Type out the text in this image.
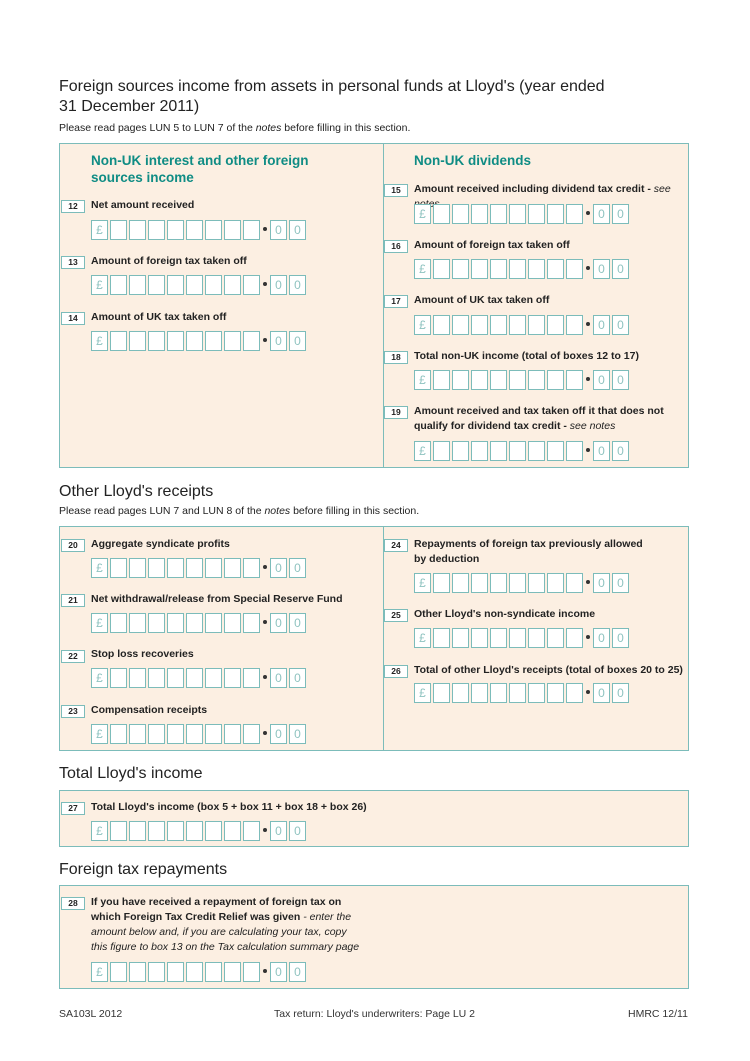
Foreign sources income from assets in personal funds at Lloyd's (year ended
31 December 2011)
Please read pages LUN 5 to LUN 7 of the notes before filling in this section.
Non-UK interest and other foreign
sources income
Non-UK dividends
12	Net amount received
£	0	0
13	Amount of foreign tax taken off
£	0	0
14	Amount of UK tax taken off
£	0	0
15	Amount received including dividend tax credit - see
£	0	0
16	Amount of foreign tax taken off
£	0	0
17	Amount of UK tax taken off
£	0	0
18	Total non-UK income (total of boxes 12 to 17)
£	0	0
19	Amount received and tax taken off it that does not
qualify for dividend tax credit - see notes
£	0	0
Other Lloyd's receipts
Please read pages LUN 7 and LUN 8 of the notes before filling in this section.
20	Aggregate syndicate profits
£	0	0
21	Net withdrawal/release from Special Reserve Fund
£	0	0
22	Stop loss recoveries
£	0	0
23	Compensation receipts
£	0	0
24	Repayments of foreign tax previously allowed
by deduction
£	0	0
25	Other Lloyd's non-syndicate income
£	0	0
26	Total of other Lloyd's receipts (total of boxes 20 to 25)
£	0	0
Total Lloyd's income
27	Total Lloyd's income (box 5 + box 11 + box 18 + box 26)
£	0	0
Foreign tax repayments
28	If you have received a repayment of foreign tax on
which Foreign Tax Credit Relief was given - enter the
amount below and, if you are calculating your tax, copy
this figure to box 13 on the Tax calculation summary page
£	0	0
SA103L 2012	Tax return: Lloyd's underwriters: Page LU 2	HMRC 12/11
